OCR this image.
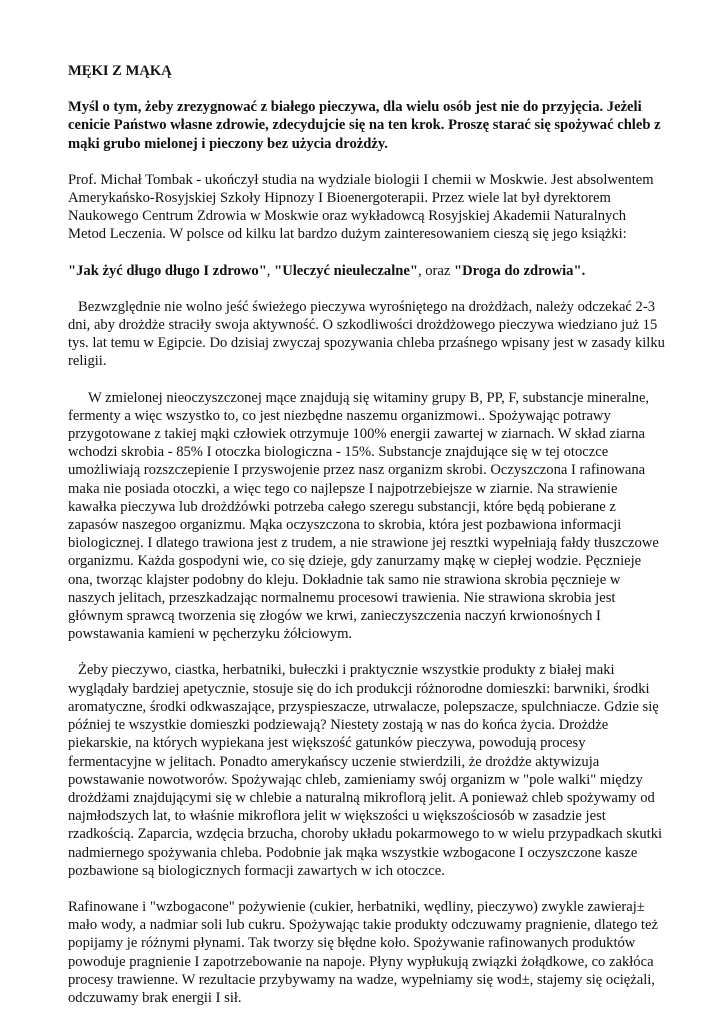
MĘKI Z MĄKĄ

Myśl o tym, żeby zrezygnować z białego pieczywa, dla wielu osób jest nie do przyjęcia. Jeżeli cenicie Państwo własne zdrowie, zdecydujcie się na ten krok. Proszę starać się spożywać chleb z mąki grubo mielonej i pieczony bez użycia drożdży.

Prof. Michał Tombak - ukończył studia na wydziale biologii I chemii w Moskwie. Jest absolwentem Amerykańsko-Rosyjskiej Szkoły Hipnozy I Bioenergoterapii. Przez wiele lat był dyrektorem Naukowego Centrum Zdrowia w Moskwie oraz wykładowcą Rosyjskiej Akademii Naturalnych Metod Leczenia. W polsce od kilku lat bardzo dużym zainteresowaniem cieszą się jego książki:

"Jak żyć długo długo I zdrowo", "Uleczyć nieuleczalne", oraz "Droga do zdrowia".

Bezwzględnie nie wolno jeść świeżego pieczywa wyrośniętego na drożdżach, należy odczekać 2-3 dni, aby drożdże straciły swoja aktywność. O szkodliwości drożdżowego pieczywa wiedziano już 15 tys. lat temu w Egipcie. Do dzisiaj zwyczaj spozywania chleba przaśnego wpisany jest w zasady kilku religii.

W zmielonej nieoczyszczonej mące znajdują się witaminy grupy B, PP, F, substancje mineralne, fermenty a więc wszystko to, co jest niezbędne naszemu organizmowi.. Spożywając potrawy przygotowane z takiej mąki człowiek otrzymuje 100% energii zawartej w ziarnach. W skład ziarna wchodzi skrobia - 85% I otoczka biologiczna - 15%. Substancje znajdujące się w tej otoczce umożliwiają rozszczepienie I przyswojenie przez nasz organizm skrobi. Oczyszczona I rafinowana maka nie posiada otoczki, a więc tego co najlepsze I najpotrzebiejsze w ziarnie. Na strawienie kawałka pieczywa lub drożdżówki potrzeba całego szeregu substancji, które będą pobierane z zapasów naszegoo organizmu. Mąka oczyszczona to skrobia, która jest pozbawiona informacji biologicznej. I dlatego trawiona jest z trudem, a nie strawione jej resztki wypełniają fałdy tłuszczowe organizmu. Każda gospodyni wie, co się dzieje, gdy zanurzamy mąkę w ciepłej wodzie. Pęcznieje ona, tworząc klajster podobny do kleju. Dokładnie tak samo nie strawiona skrobia pęcznieje w naszych jelitach, przeszkadzając normalnemu procesowi trawienia. Nie strawiona skrobia jest głównym sprawcą tworzenia się złogów we krwi, zanieczyszczenia naczyń krwionośnych I powstawania kamieni w pęcherzyku żółciowym.

Żeby pieczywo, ciastka, herbatniki, bułeczki i praktycznie wszystkie produkty z białej maki wyglądały bardziej apetycznie, stosuje się do ich produkcji różnorodne domieszki: barwniki, środki aromatyczne, środki odkwaszające, przyspieszacze, utrwalacze, polepszacze, spulchniacze. Gdzie się później te wszystkie domieszki podziewają? Niestety zostają w nas do końca życia. Drożdże piekarskie, na których wypiekana jest większość gatunków pieczywa, powodują procesy fermentacyjne w jelitach. Ponadto amerykańscy uczenie stwierdzili, że drożdże aktywizuja powstawanie nowotworów. Spożywając chleb, zamieniamy swój organizm w "pole walki" między drożdżami znajdującymi się w chlebie a naturalną mikroflorą jelit. A ponieważ chleb spożywamy od najmłodszych lat, to właśnie mikroflora jelit w większości u większościosób w zasadzie jest rzadkością. Zaparcia, wzdęcia brzucha, choroby układu pokarmowego to w wielu przypadkach skutki nadmiernego spożywania chleba. Podobnie jak mąka wszystkie wzbogacone I oczyszczone kasze pozbawione są biologicznych formacji zawartych w ich otoczce.

Rafinowane i "wzbogacone" pożywienie (cukier, herbatniki, wędliny, pieczywo) zwykle zawieraj± mało wody, a nadmiar soli lub cukru. Spożywając takie produkty odczuwamy pragnienie, dlatego też popijamy je różnymi płynami. Tak tworzy się błędne koło. Spożywanie rafinowanych produktów powoduje pragnienie I zapotrzebowanie na napoje. Płyny wypłukują związki żołądkowe, co zakłóca procesy trawienne. W rezultacie przybywamy na wadze, wypełniamy się wod±, stajemy się ociężali, odczuwamy brak energii I sił.
